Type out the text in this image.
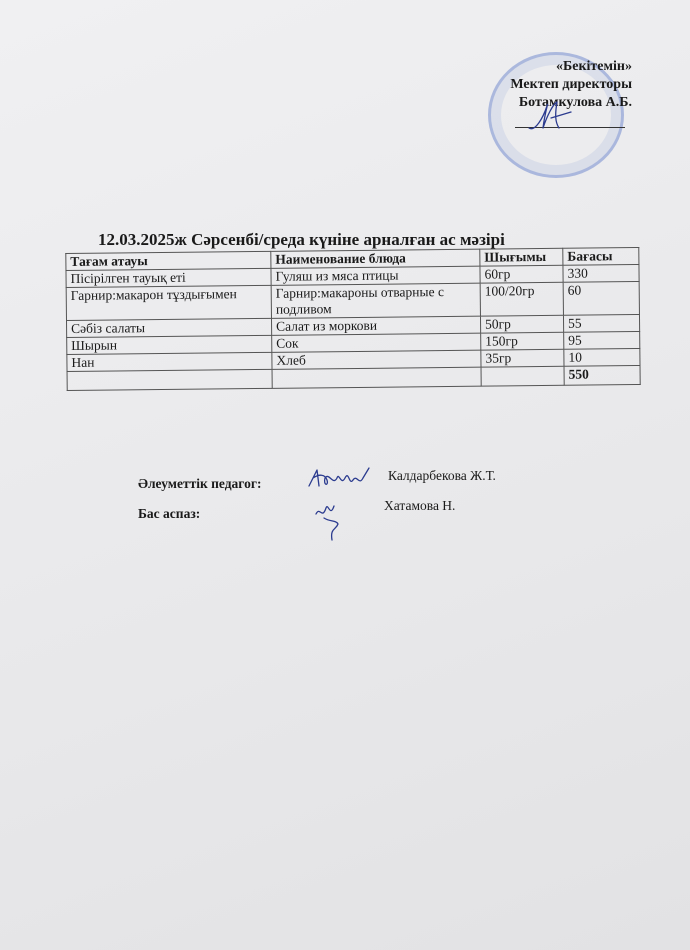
«Бекітемін»
Мектеп директоры
Ботамкулова А.Б.
12.03.2025ж Сәрсенбі/среда күніне арналған ас мәзірі
Тағам атауы	Наименование блюда	Шығымы	Бағасы
Пісірілген тауық еті	Гуляш из мяса птицы	60гр	330
Гарнир:макарон тұздығымен	Гарнир:макароны отварные с подливом	100/20гр	60
Сәбіз салаты	Салат из моркови	50гр	55
Шырын	Сок	150гр	95
Нан	Хлеб	35гр	10
			550
Әлеуметтік педагог:
Калдарбекова Ж.Т.
Бас аспаз:
Хатамова Н.
